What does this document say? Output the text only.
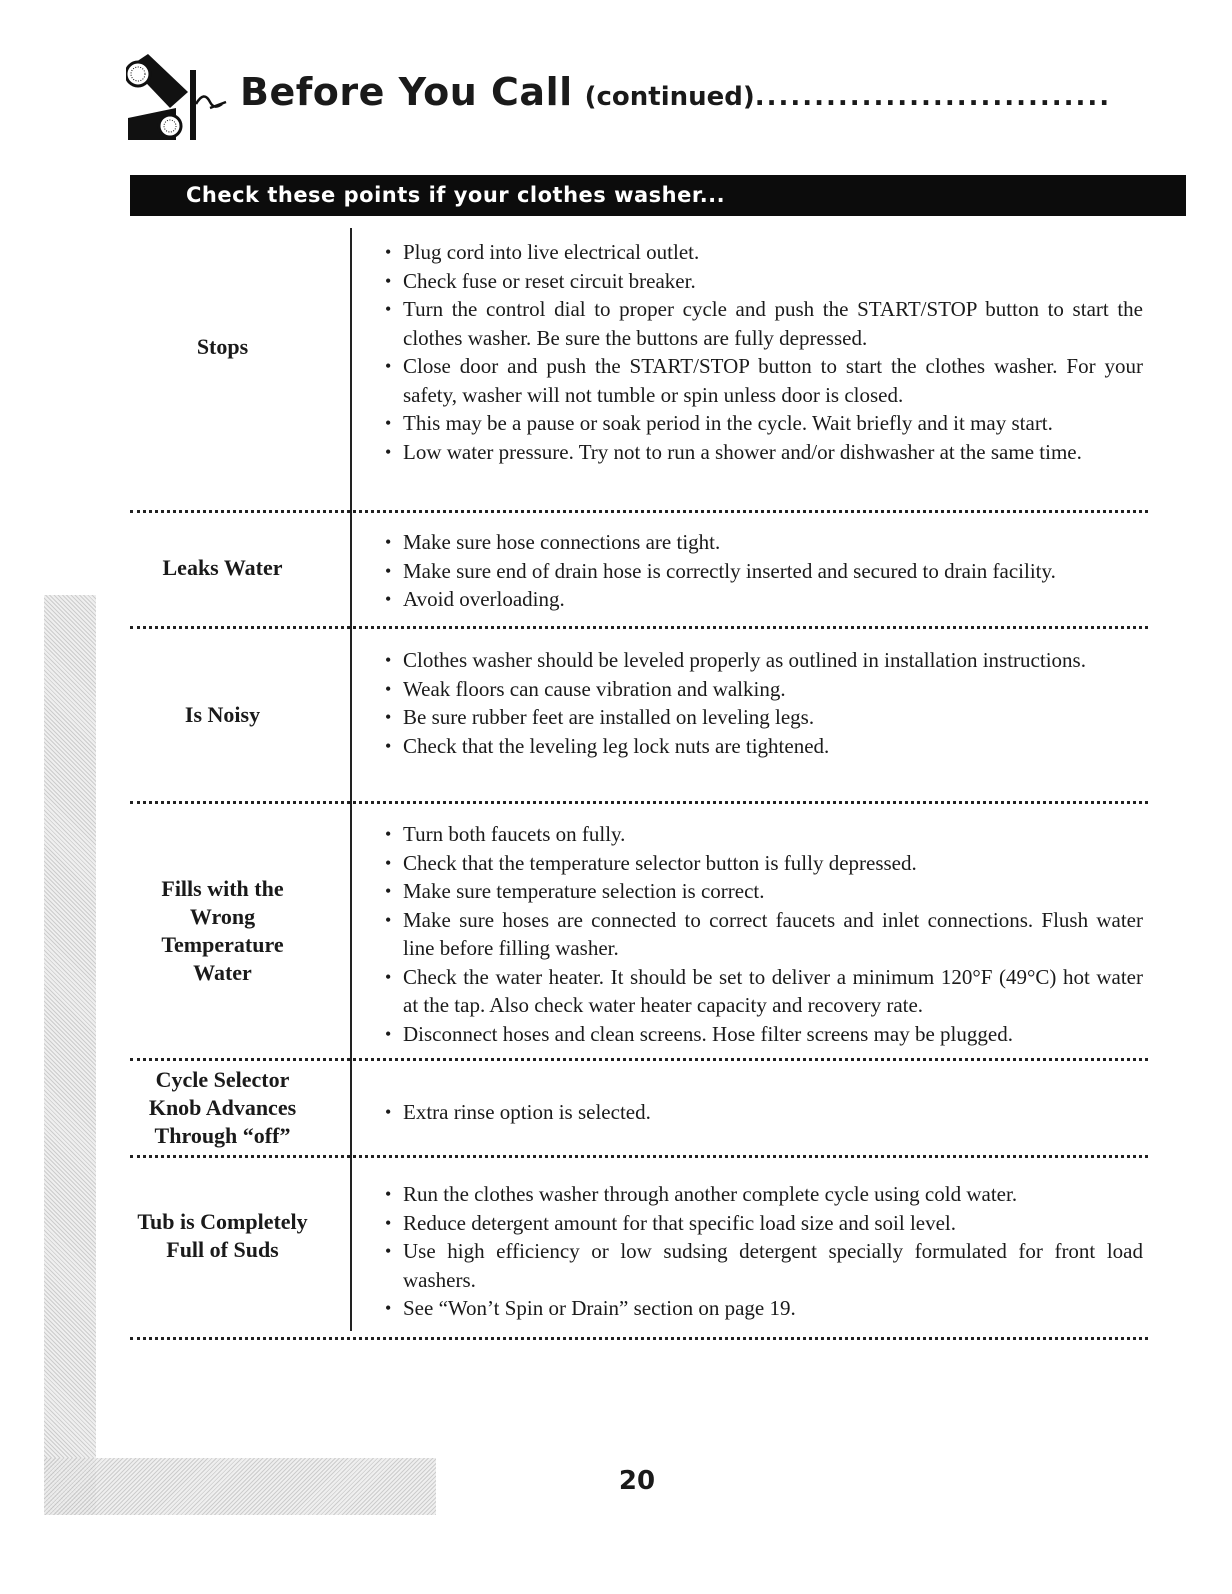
Before You Call (continued) ..............................
Check these points if your clothes washer...
Stops
• Plug cord into live electrical outlet.
• Check fuse or reset circuit breaker.
• Turn the control dial to proper cycle and push the START/STOP button to start the clothes washer. Be sure the buttons are fully depressed.
• Close door and push the START/STOP button to start the clothes washer. For your safety, washer will not tumble or spin unless door is closed.
• This may be a pause or soak period in the cycle. Wait briefly and it may start.
• Low water pressure. Try not to run a shower and/or dishwasher at the same time.
Leaks Water
• Make sure hose connections are tight.
• Make sure end of drain hose is correctly inserted and secured to drain facility.
• Avoid overloading.
Is Noisy
• Clothes washer should be leveled properly as outlined in installation instructions.
• Weak floors can cause vibration and walking.
• Be sure rubber feet are installed on leveling legs.
• Check that the leveling leg lock nuts are tightened.
Fills with the Wrong Temperature Water
• Turn both faucets on fully.
• Check that the temperature selector button is fully depressed.
• Make sure temperature selection is correct.
• Make sure hoses are connected to correct faucets and inlet connections. Flush water line before filling washer.
• Check the water heater. It should be set to deliver a minimum 120°F (49°C) hot water at the tap. Also check water heater capacity and recovery rate.
• Disconnect hoses and clean screens. Hose filter screens may be plugged.
Cycle Selector Knob Advances Through “off”
• Extra rinse option is selected.
Tub is Completely Full of Suds
• Run the clothes washer through another complete cycle using cold water.
• Reduce detergent amount for that specific load size and soil level.
• Use high efficiency or low sudsing detergent specially formulated for front load washers.
• See “Won’t Spin or Drain” section on page 19.
20
